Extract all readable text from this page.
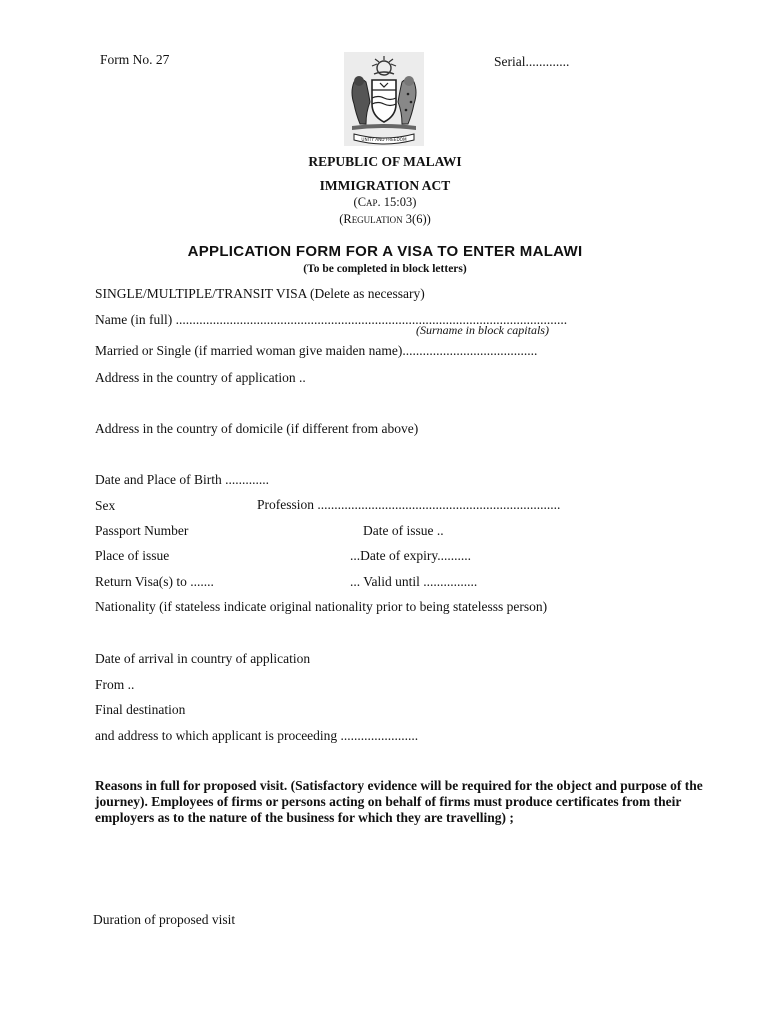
Form No. 27	Serial.............
UNITY AND FREEDOM
REPUBLIC OF MALAWI
IMMIGRATION ACT
(Cap. 15:03)
(Regulation 3(6))
APPLICATION FORM FOR A VISA TO ENTER MALAWI
(To be completed in block letters)
SINGLE/MULTIPLE/TRANSIT VISA (Delete as necessary)
Name (in full) ....................................................................................................................
(Surname in block capitals)
Married or Single (if married woman give maiden name)........................................
Address in the country of application ..
Address in the country of domicile (if different from above)
Date and Place of Birth .............
Sex	Profession ........................................................................
Passport Number	Date of issue ..
Place of issue	...Date of expiry..........
Return Visa(s) to .......	... Valid until ................
Nationality (if stateless indicate original nationality prior to being statelesss person)
Date of arrival in country of application
From ..
Final destination
and address to which applicant is proceeding .......................
Reasons in full for proposed visit. (Satisfactory evidence will be required for the object and purpose of the journey). Employees of firms or persons acting on behalf of firms must produce certificates from their employers as to the nature of the business for which they are travelling) ;
Duration of proposed visit
